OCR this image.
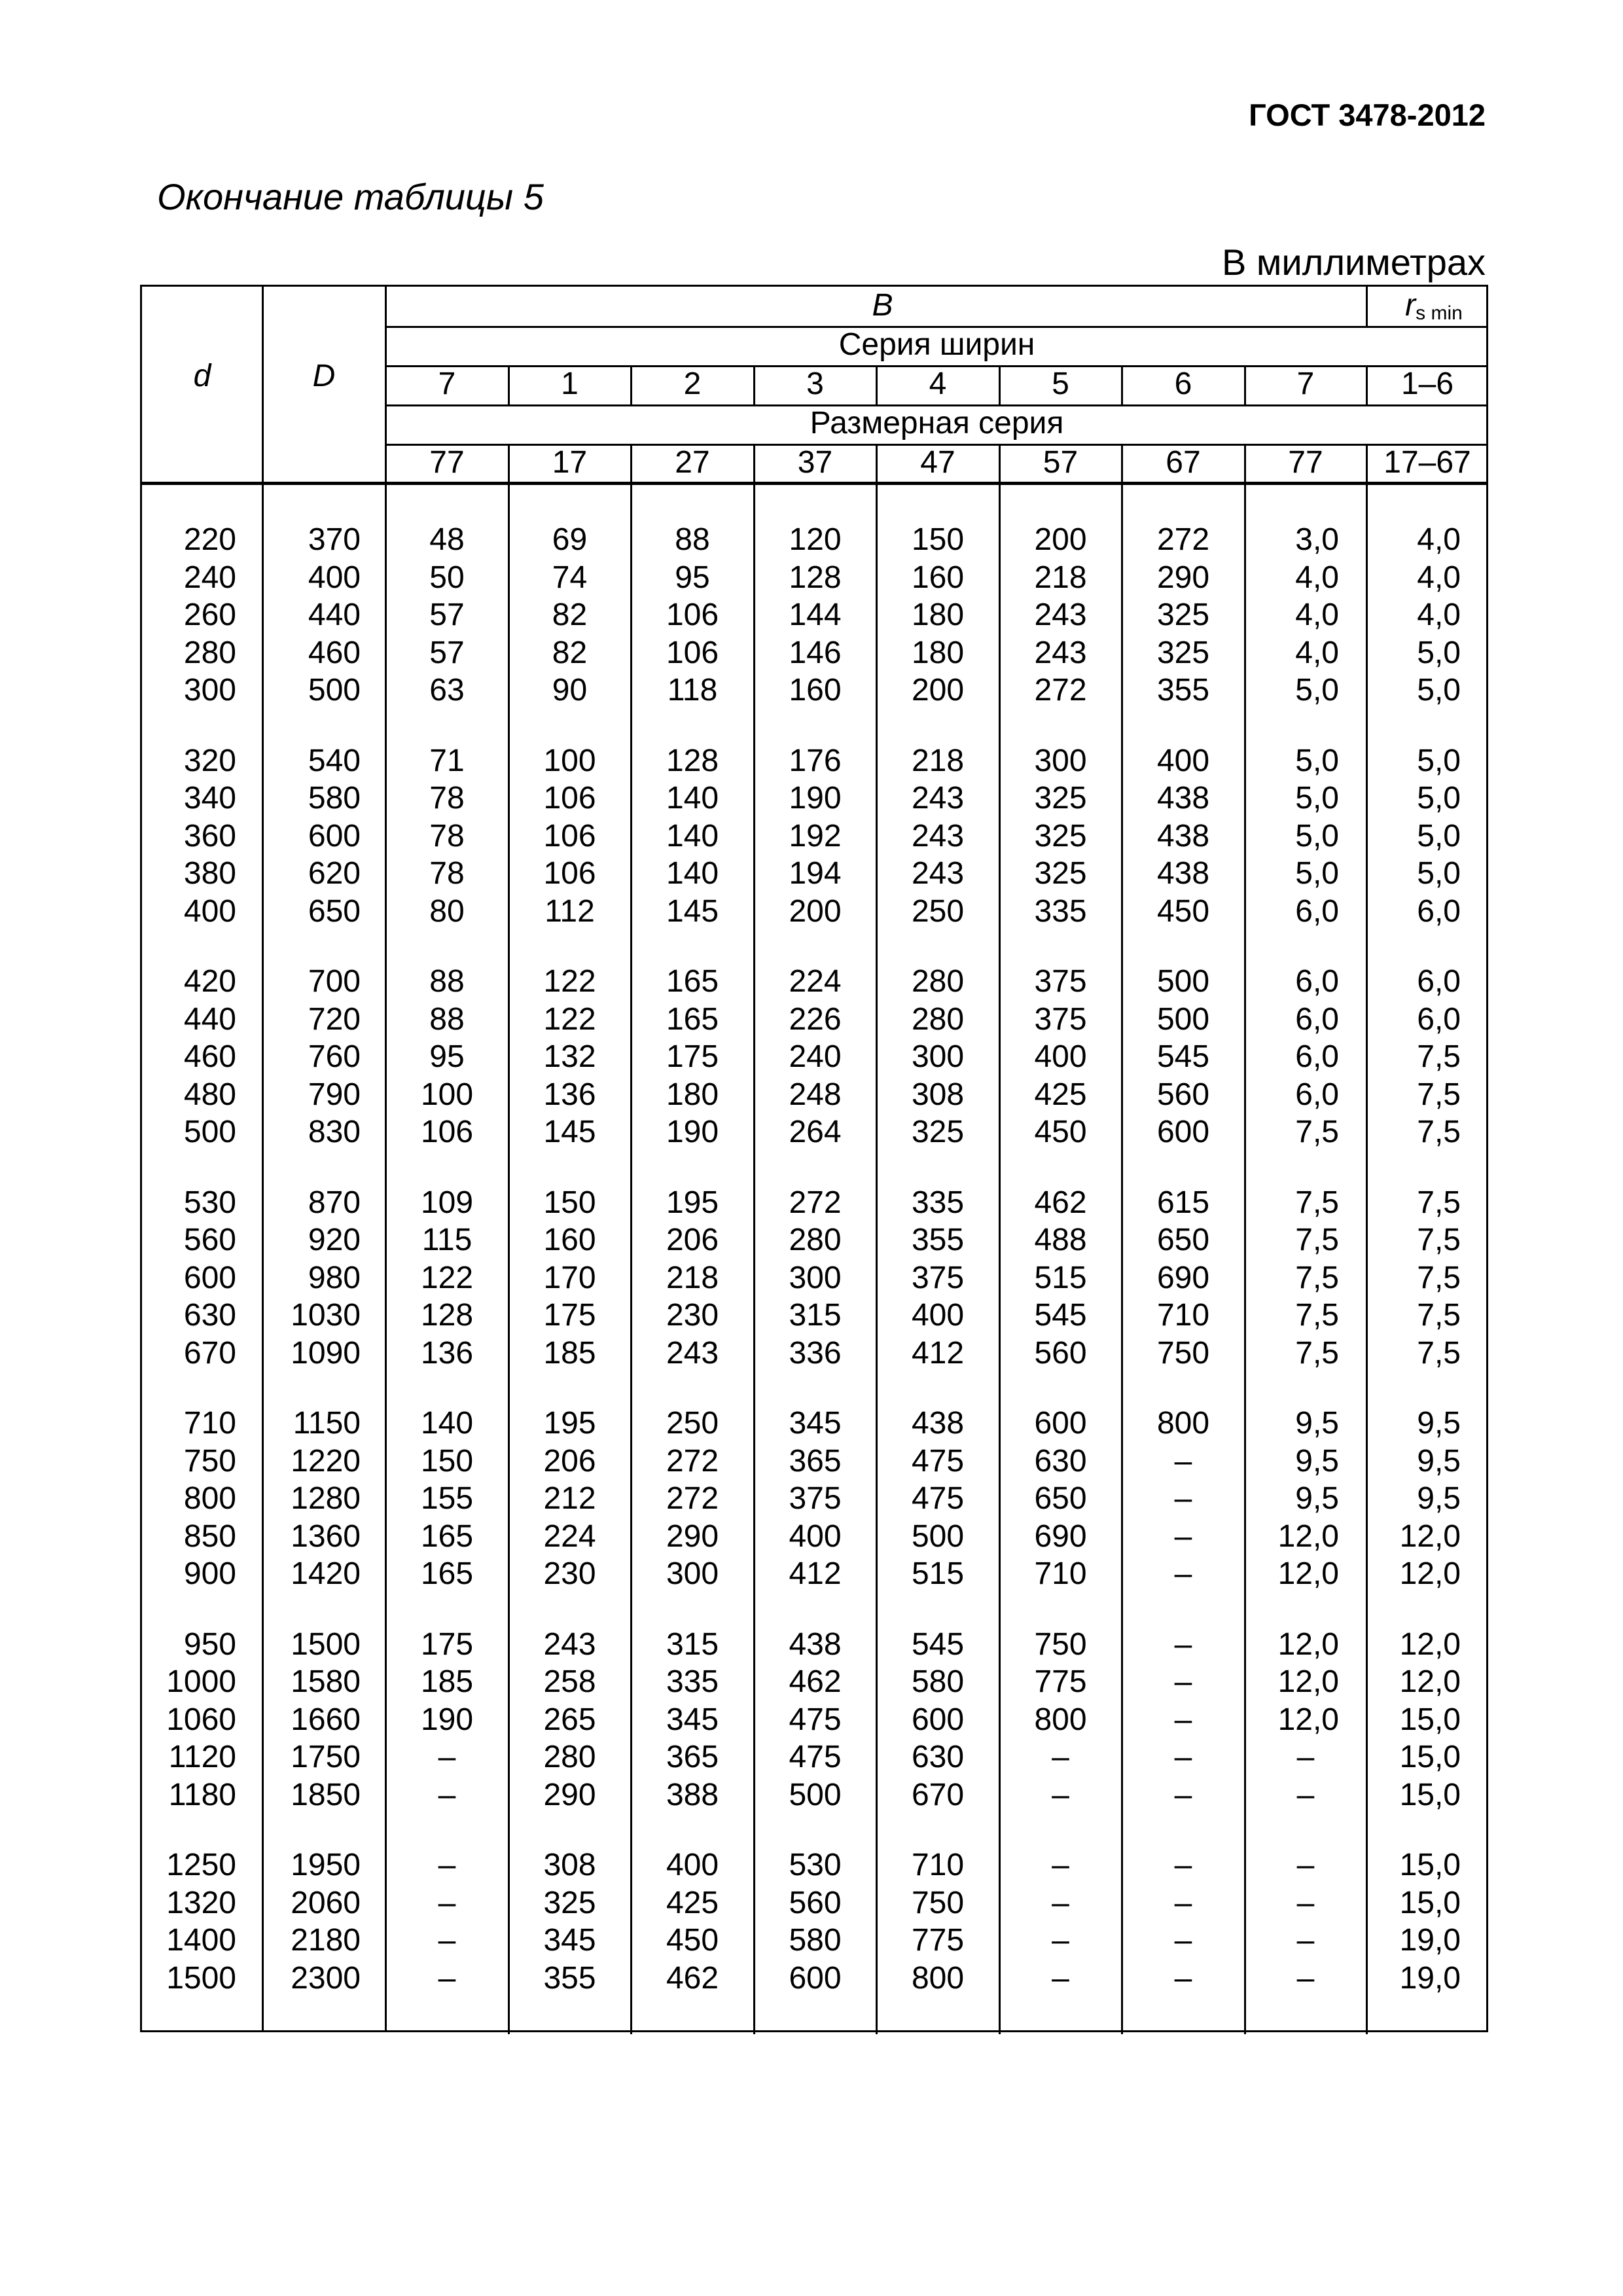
ГОСТ 3478-2012
Окончание таблицы 5
В миллиметрах
d	D
B	$r_{s min}$
Серия ширин
Размерная серия
7	1	2	3	4	5	6	7	1–6
77	17	27	37	47	57	67	77	17–67
220	370	48	69	88	120	150	200	272	3,0	4,0
240	400	50	74	95	128	160	218	290	4,0	4,0
260	440	57	82	106	144	180	243	325	4,0	4,0
280	460	57	82	106	146	180	243	325	4,0	5,0
300	500	63	90	118	160	200	272	355	5,0	5,0
320	540	71	100	128	176	218	300	400	5,0	5,0
340	580	78	106	140	190	243	325	438	5,0	5,0
360	600	78	106	140	192	243	325	438	5,0	5,0
380	620	78	106	140	194	243	325	438	5,0	5,0
400	650	80	112	145	200	250	335	450	6,0	6,0
420	700	88	122	165	224	280	375	500	6,0	6,0
440	720	88	122	165	226	280	375	500	6,0	6,0
460	760	95	132	175	240	300	400	545	6,0	7,5
480	790	100	136	180	248	308	425	560	6,0	7,5
500	830	106	145	190	264	325	450	600	7,5	7,5
530	870	109	150	195	272	335	462	615	7,5	7,5
560	920	115	160	206	280	355	488	650	7,5	7,5
600	980	122	170	218	300	375	515	690	7,5	7,5
630	1030	128	175	230	315	400	545	710	7,5	7,5
670	1090	136	185	243	336	412	560	750	7,5	7,5
710	1150	140	195	250	345	438	600	800	9,5	9,5
750	1220	150	206	272	365	475	630	–	9,5	9,5
800	1280	155	212	272	375	475	650	–	9,5	9,5
850	1360	165	224	290	400	500	690	–	12,0	12,0
900	1420	165	230	300	412	515	710	–	12,0	12,0
950	1500	175	243	315	438	545	750	–	12,0	12,0
1000	1580	185	258	335	462	580	775	–	12,0	12,0
1060	1660	190	265	345	475	600	800	–	12,0	15,0
1120	1750	–	280	365	475	630	–	–	–	15,0
1180	1850	–	290	388	500	670	–	–	–	15,0
1250	1950	–	308	400	530	710	–	–	–	15,0
1320	2060	–	325	425	560	750	–	–	–	15,0
1400	2180	–	345	450	580	775	–	–	–	19,0
1500	2300	–	355	462	600	800	–	–	–	19,0
